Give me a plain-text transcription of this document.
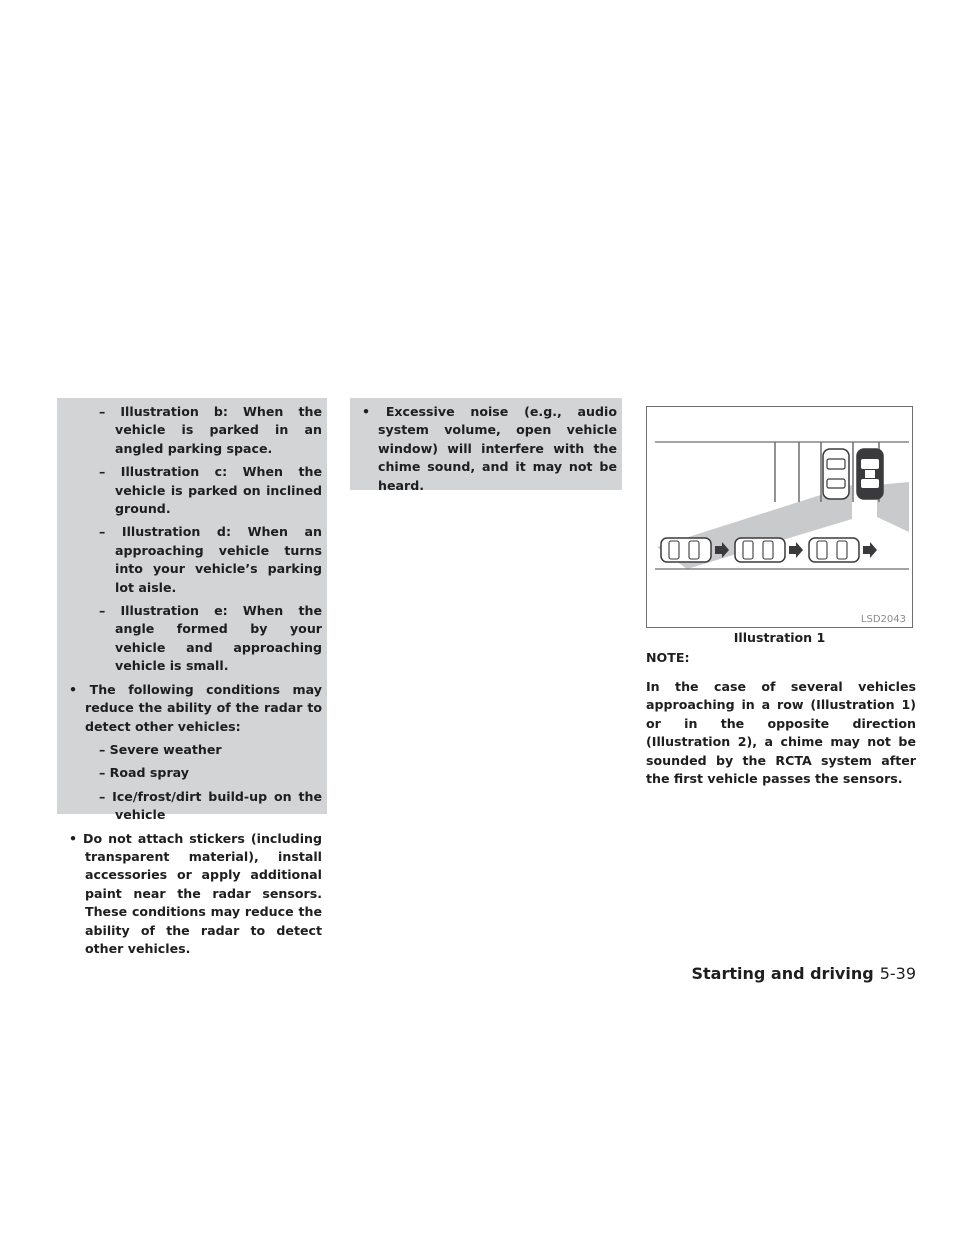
– Illustration b: When the vehicle is parked in an angled parking space.
– Illustration c: When the vehicle is parked on inclined ground.
– Illustration d: When an approaching vehicle turns into your vehicle’s parking lot aisle.
– Illustration e: When the angle formed by your vehicle and approaching vehicle is small.
• The following conditions may reduce the ability of the radar to detect other vehicles:
– Severe weather
– Road spray
– Ice/frost/dirt build-up on the vehicle
• Do not attach stickers (including transparent material), install accessories or apply additional paint near the radar sensors. These conditions may reduce the ability of the radar to detect other vehicles.
• Excessive noise (e.g., audio system volume, open vehicle window) will interfere with the chime sound, and it may not be heard.
LSD2043
Illustration 1
NOTE:
In the case of several vehicles approaching in a row (Illustration 1) or in the opposite direction (Illustration 2), a chime may not be sounded by the RCTA system after the first vehicle passes the sensors.
Starting and driving 5-39
